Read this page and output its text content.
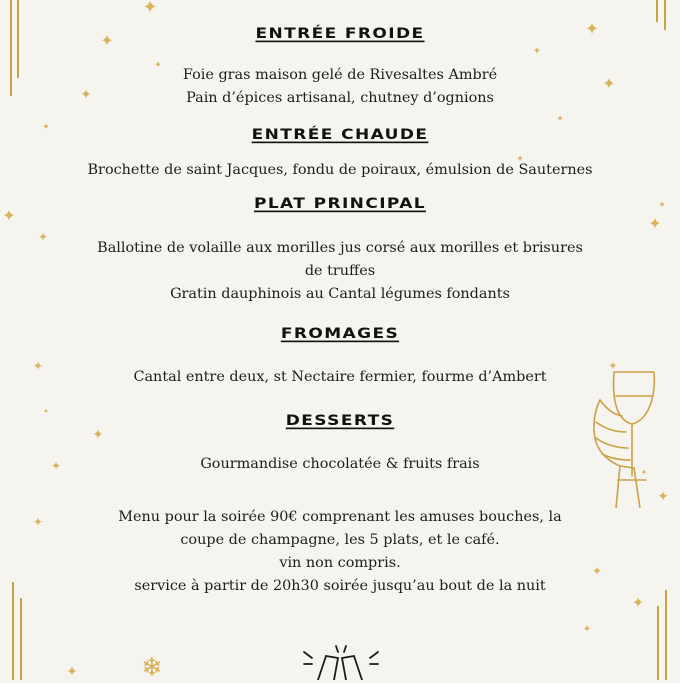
✦
✦
✦
✦
✦
✦
✦
✦
✦
✦
✦
✦
✦
✦
✦
✦
✦
✦
✦
✦
✦
✦
✦
✦
✦
❄
✦
ENTRÉE FROIDE
Foie gras maison gelé de Rivesaltes Ambré
Pain d’épices artisanal, chutney d’ognions
ENTRÉE CHAUDE
Brochette de saint Jacques, fondu de poiraux, émulsion de Sauternes
PLAT PRINCIPAL
Ballotine de volaille aux morilles jus corsé aux morilles et brisures
de truffes
Gratin dauphinois au Cantal légumes fondants
FROMAGES
Cantal entre deux, st Nectaire fermier, fourme d’Ambert
DESSERTS
Gourmandise chocolatée & fruits frais
Menu pour la soirée 90€ comprenant les amuses bouches, la
coupe de champagne, les 5 plats, et le café.
vin non compris.
service à partir de 20h30 soirée jusqu’au bout de la nuit
